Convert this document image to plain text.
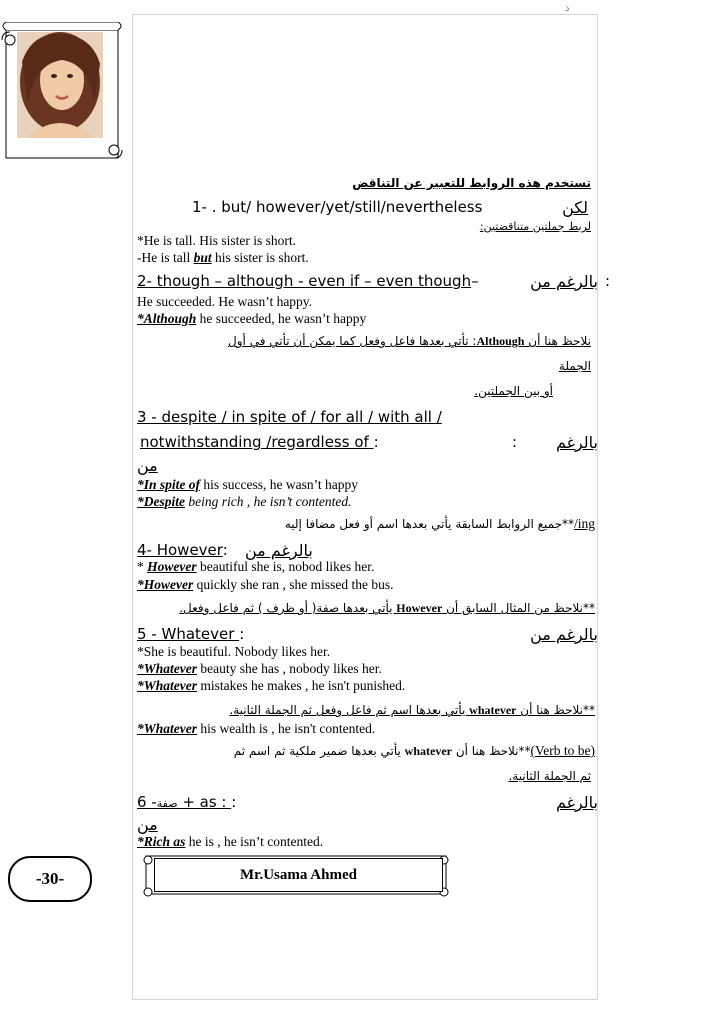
ذ
تستخدم هذه الروابط للتعبير عن التناقض
1- . but/ however/yet/still/nevertheless	لكن
لربط جملتين متناقضتين:
*He is tall. His sister is short.
-He is tall but his sister is short.
2- though – although - even if – even though–	بالرغم من :
He succeeded. He wasn’t happy.
*Although he succeeded, he wasn’t happy
نلاحظ هنا أن Although: تأتي بعدها فاعل وفعل كما يمكن أن تأتي في أول
الجملة
أو بين الجملتين.
3 - despite / in spite of / for all / with all /
notwithstanding /regardless of :	: بالرغم
من
*In spite of his success, he wasn’t happy
*Despite being rich , he isn’t contented.
**جميع الروابط السابقة يأتي بعدها اسم أو فعل مضافا إليه/ing
4- However: بالرغم من
* However beautiful she is, nobod likes her.
*However quickly she ran , she missed the bus.
**نلاحظ من المثال السابق أن However يأتي بعدها صفة( أو ظرف ) ثم فاعل وفعل.
5 - Whatever :	بالرغم من
*She is beautiful. Nobody likes her.
*Whatever beauty she has , nobody likes her.
*Whatever mistakes he makes , he isn't punished.
**نلاحظ هنا أن whatever يأتي بعدها اسم ثم فاعل وفعل ثم الجملة الثانية.
*Whatever his wealth is , he isn't contented.
**نلاحظ هنا أن whatever يأتي بعدها ضمير ملكية ثم اسم ثم	(Verb to be)
ثم الجملة الثانية.
6 -صفة + as : :	بالرغم
من
*Rich as he is , he isn’t contented.
-30-	Mr.Usama Ahmed
